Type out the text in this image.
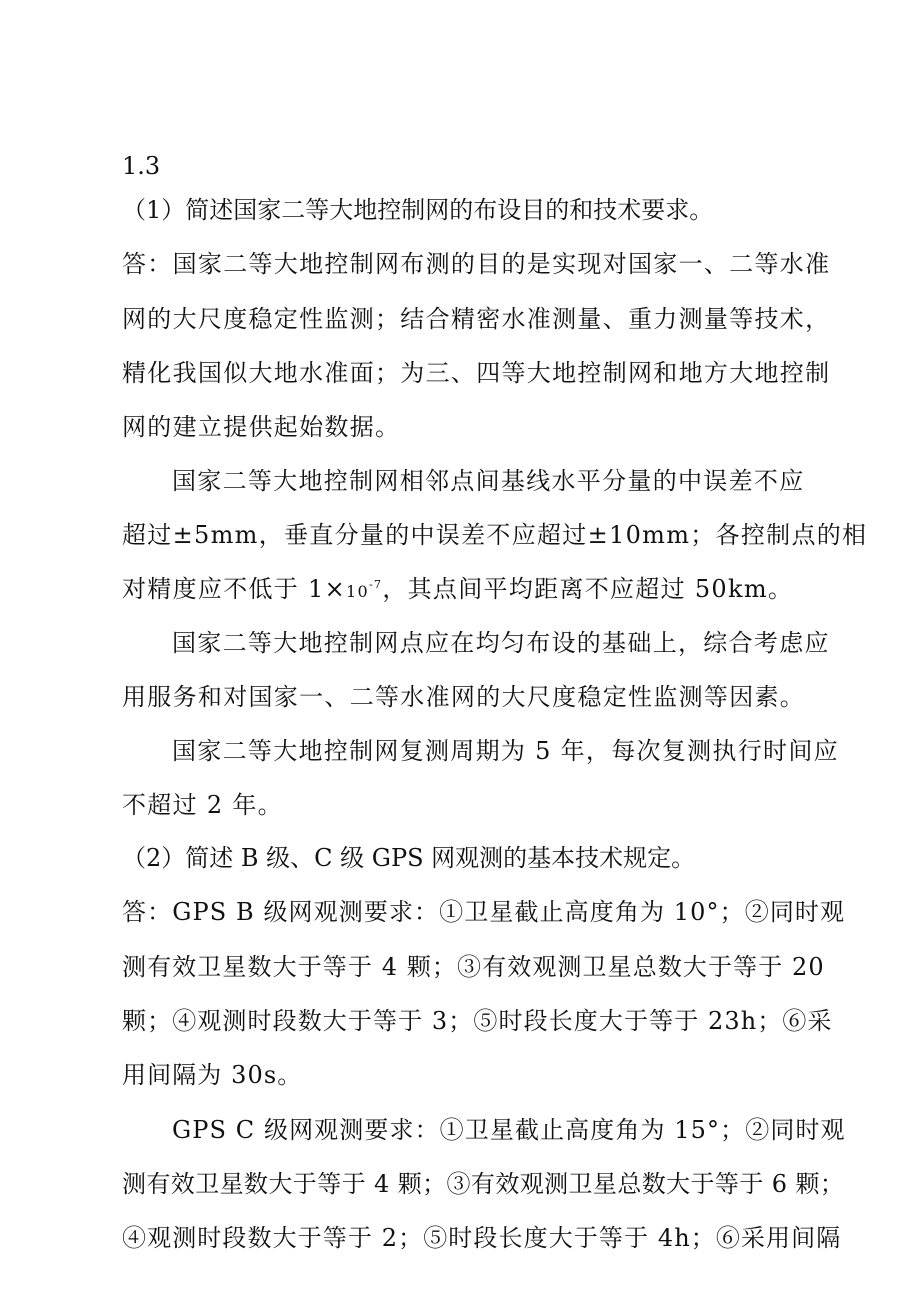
1.3
（1）简述国家二等大地控制网的布设目的和技术要求。
答：国家二等大地控制网布测的目的是实现对国家一、二等水准
网的大尺度稳定性监测；结合精密水准测量、重力测量等技术，
精化我国似大地水准面；为三、四等大地控制网和地方大地控制
网的建立提供起始数据。
国家二等大地控制网相邻点间基线水平分量的中误差不应
超过±5mm，垂直分量的中误差不应超过±10mm；各控制点的相
对精度应不低于 $1\times 10^{-7}$，其点间平均距离不应超过 50km。
国家二等大地控制网点应在均匀布设的基础上，综合考虑应
用服务和对国家一、二等水准网的大尺度稳定性监测等因素。
国家二等大地控制网复测周期为 5 年，每次复测执行时间应
不超过 2 年。
（2）简述 B 级、C 级 GPS 网观测的基本技术规定。
答：GPS B 级网观测要求：①卫星截止高度角为 10°；②同时观
测有效卫星数大于等于 4 颗；③有效观测卫星总数大于等于 20
颗；④观测时段数大于等于 3；⑤时段长度大于等于 23h；⑥采
用间隔为 30s。
GPS C 级网观测要求：①卫星截止高度角为 15°；②同时观
测有效卫星数大于等于 4 颗；③有效观测卫星总数大于等于 6 颗；
④观测时段数大于等于 2；⑤时段长度大于等于 4h；⑥采用间隔
